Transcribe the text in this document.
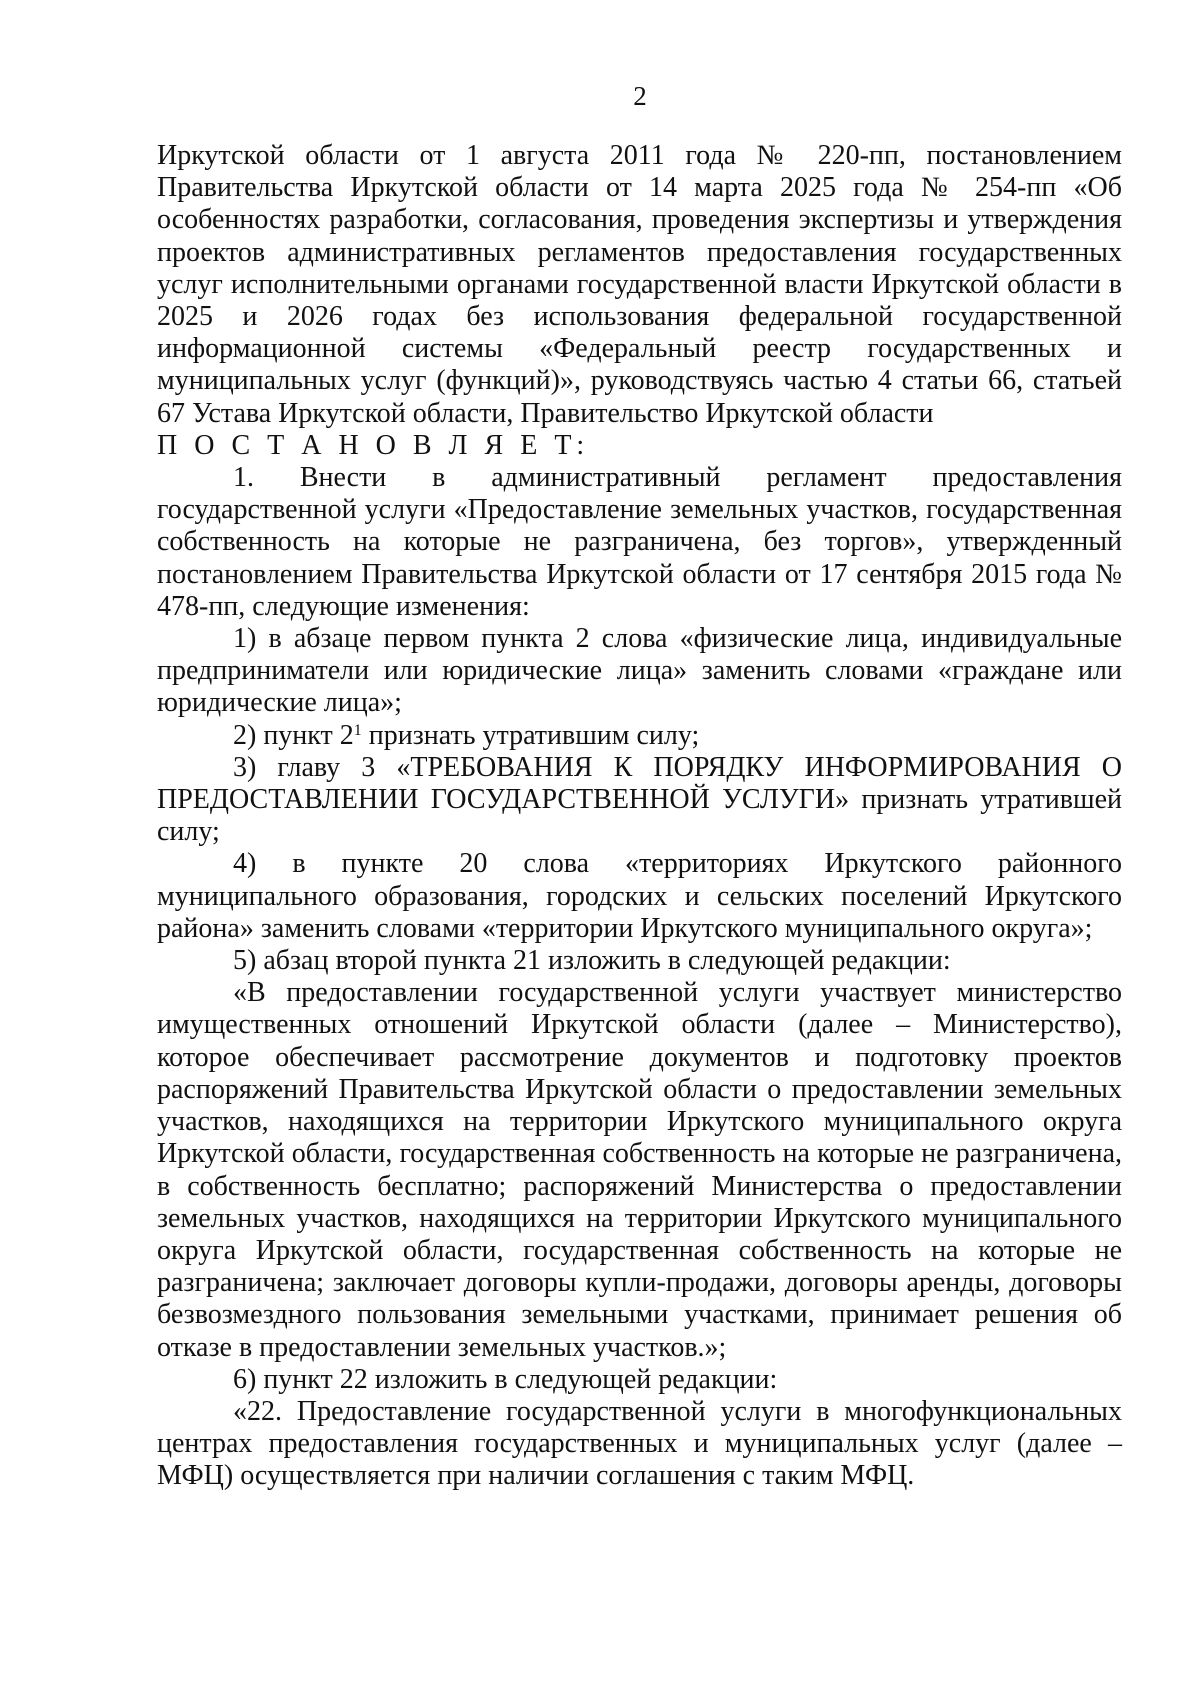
2

Иркутской области от 1 августа 2011 года № 220-пп, постановлением Правительства Иркутской области от 14 марта 2025 года № 254-пп «Об особенностях разработки, согласования, проведения экспертизы и утверждения проектов административных регламентов предоставления государственных услуг исполнительными органами государственной власти Иркутской области в 2025 и 2026 годах без использования федеральной государственной информационной системы «Федеральный реестр государственных и муниципальных услуг (функций)», руководствуясь частью 4 статьи 66, статьей 67 Устава Иркутской области, Правительство Иркутской области

П О С Т А Н О В Л Я Е Т:

1. Внести в административный регламент предоставления государственной услуги «Предоставление земельных участков, государственная собственность на которые не разграничена, без торгов», утвержденный постановлением Правительства Иркутской области от 17 сентября 2015 года № 478-пп, следующие изменения:

1) в абзаце первом пункта 2 слова «физические лица, индивидуальные предприниматели или юридические лица» заменить словами «граждане или юридические лица»;

2) пункт $2^1$ признать утратившим силу;

3) главу 3 «ТРЕБОВАНИЯ К ПОРЯДКУ ИНФОРМИРОВАНИЯ О ПРЕДОСТАВЛЕНИИ ГОСУДАРСТВЕННОЙ УСЛУГИ» признать утратившей силу;

4) в пункте 20 слова «территориях Иркутского районного муниципального образования, городских и сельских поселений Иркутского района» заменить словами «территории Иркутского муниципального округа»;

5) абзац второй пункта 21 изложить в следующей редакции:

«В предоставлении государственной услуги участвует министерство имущественных отношений Иркутской области (далее – Министерство), которое обеспечивает рассмотрение документов и подготовку проектов распоряжений Правительства Иркутской области о предоставлении земельных участков, находящихся на территории Иркутского муниципального округа Иркутской области, государственная собственность на которые не разграничена, в собственность бесплатно; распоряжений Министерства о предоставлении земельных участков, находящихся на территории Иркутского муниципального округа Иркутской области, государственная собственность на которые не разграничена; заключает договоры купли-продажи, договоры аренды, договоры безвозмездного пользования земельными участками, принимает решения об отказе в предоставлении земельных участков.»;

6) пункт 22 изложить в следующей редакции:

«22. Предоставление государственной услуги в многофункциональных центрах предоставления государственных и муниципальных услуг (далее – МФЦ) осуществляется при наличии соглашения с таким МФЦ.
